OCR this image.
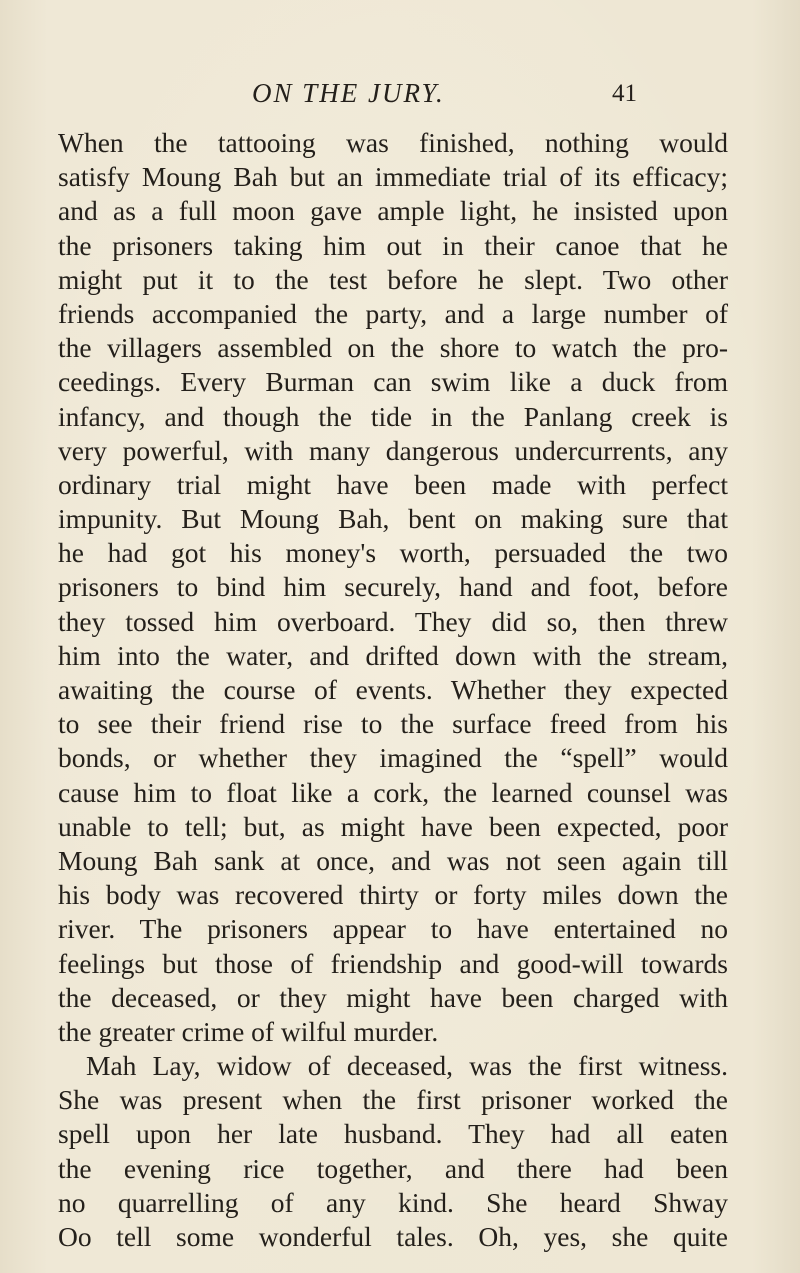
ON THE JURY.	41
When the tattooing was finished, nothing would
satisfy Moung Bah but an immediate trial of its efficacy;
and as a full moon gave ample light, he insisted upon
the prisoners taking him out in their canoe that he
might put it to the test before he slept. Two other
friends accompanied the party, and a large number of
the villagers assembled on the shore to watch the pro-
ceedings. Every Burman can swim like a duck from
infancy, and though the tide in the Panlang creek is
very powerful, with many dangerous undercurrents, any
ordinary trial might have been made with perfect
impunity. But Moung Bah, bent on making sure that
he had got his money's worth, persuaded the two
prisoners to bind him securely, hand and foot, before
they tossed him overboard. They did so, then threw
him into the water, and drifted down with the stream,
awaiting the course of events. Whether they expected
to see their friend rise to the surface freed from his
bonds, or whether they imagined the “spell” would
cause him to float like a cork, the learned counsel was
unable to tell; but, as might have been expected, poor
Moung Bah sank at once, and was not seen again till
his body was recovered thirty or forty miles down the
river. The prisoners appear to have entertained no
feelings but those of friendship and good-will towards
the deceased, or they might have been charged with
the greater crime of wilful murder.
Mah Lay, widow of deceased, was the first witness.
She was present when the first prisoner worked the
spell upon her late husband. They had all eaten
the evening rice together, and there had been
no quarrelling of any kind. She heard Shway
Oo tell some wonderful tales. Oh, yes, she quite
